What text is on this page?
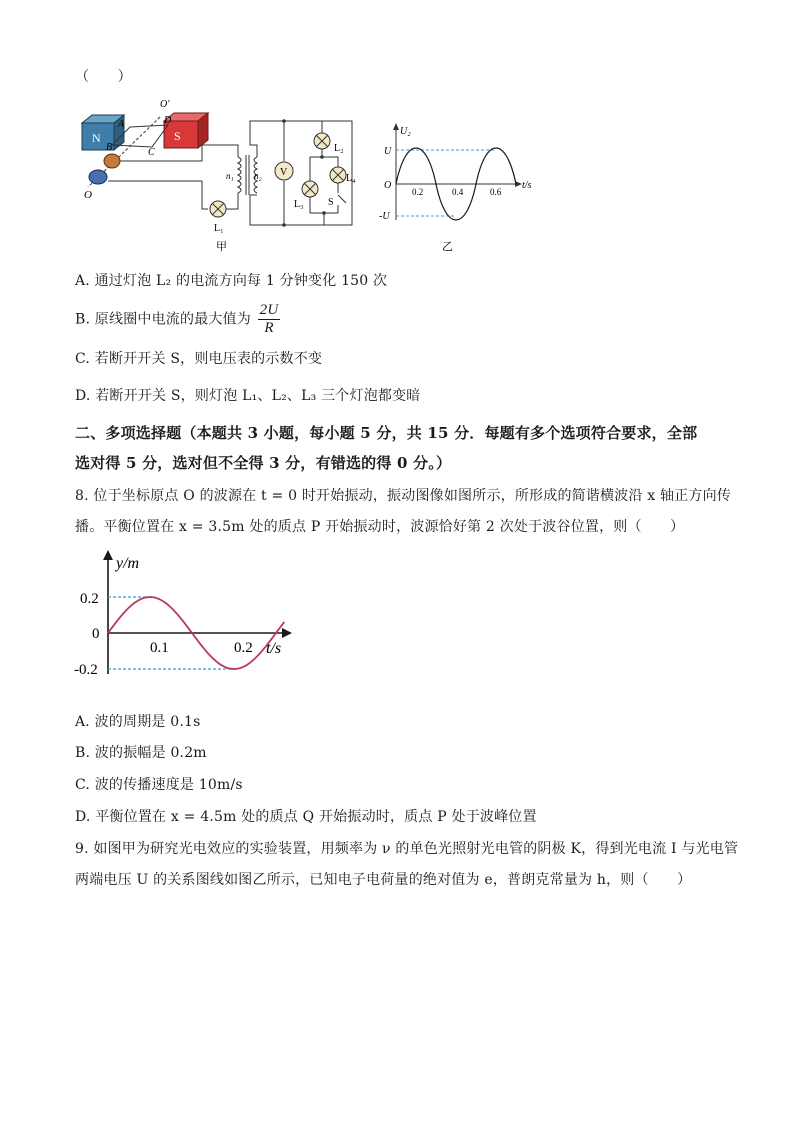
（　　）
N	S
O′
A
B	C
D
O
L₁
n₁ n₂ V
L₂
L₃
L₄
S
甲
U₂
t/s
U
-U
O
0.2	0.4	0.6
乙
A. 通过灯泡 L₂ 的电流方向每 1 分钟变化 150 次
B. 原线圈中电流的最大值为 $\frac{2U}{R}$
C. 若断开开关 S，则电压表的示数不变
D. 若断开开关 S，则灯泡 L₁、L₂、L₃ 三个灯泡都变暗
二、多项选择题（本题共 3 小题，每小题 5 分，共 15 分．每题有多个选项符合要求，全部
选对得 5 分，选对但不全得 3 分，有错选的得 0 分。）
8. 位于坐标原点 O 的波源在 t = 0 时开始振动，振动图像如图所示，所形成的简谐横波沿 x 轴正方向传
播。平衡位置在 x = 3.5m 处的质点 P 开始振动时，波源恰好第 2 次处于波谷位置，则（　　）
y/m
t/s
0.2
0
-0.2
0.1	0.2
A. 波的周期是 0.1s
B. 波的振幅是 0.2m
C. 波的传播速度是 10m/s
D. 平衡位置在 x = 4.5m 处的质点 Q 开始振动时，质点 P 处于波峰位置
9. 如图甲为研究光电效应的实验装置，用频率为 ν 的单色光照射光电管的阴极 K，得到光电流 I 与光电管
两端电压 U 的关系图线如图乙所示，已知电子电荷量的绝对值为 e，普朗克常量为 h，则（　　）
